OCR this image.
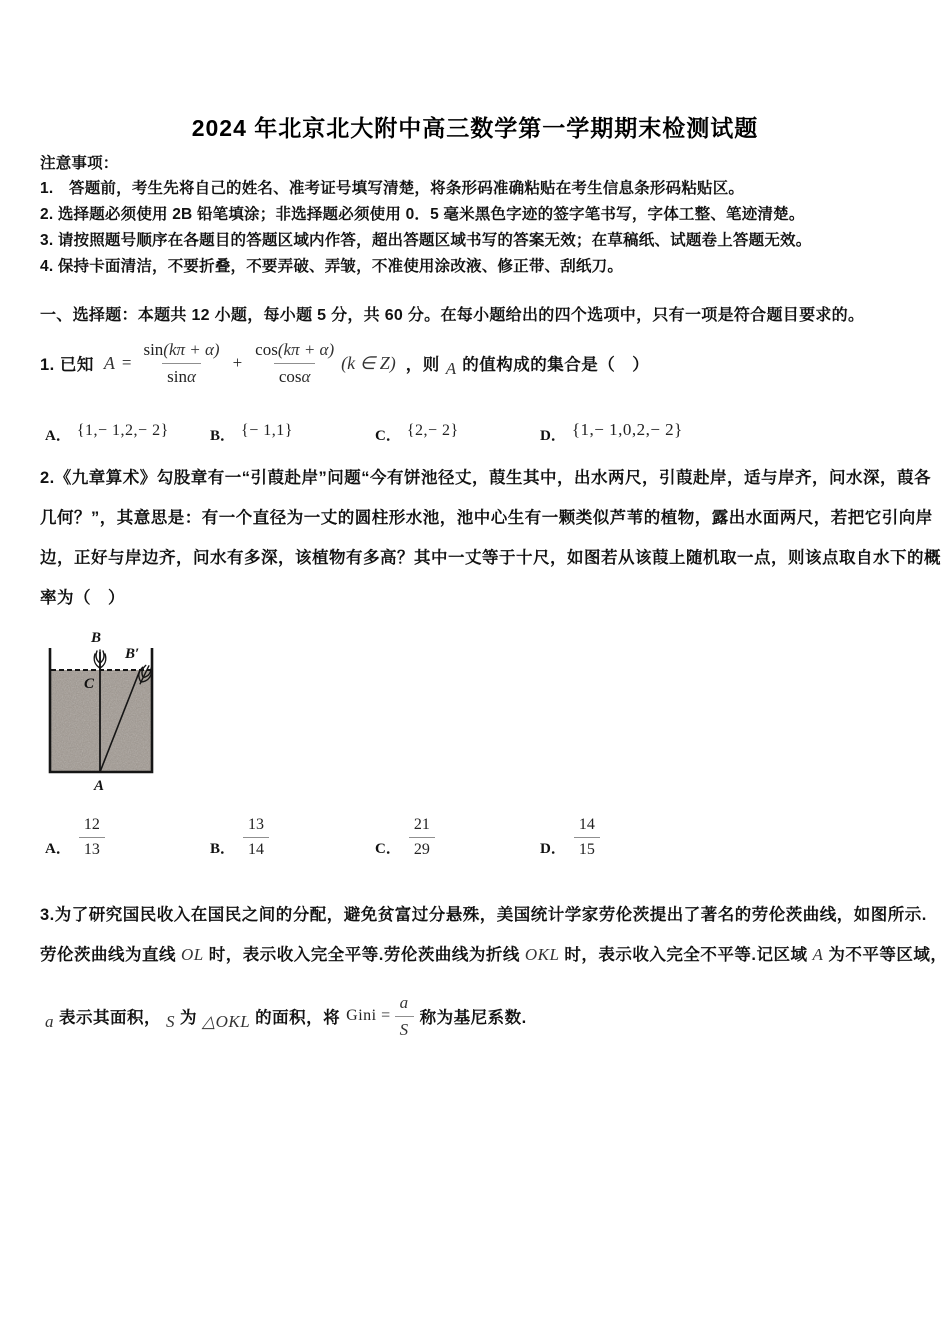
2024 年北京北大附中高三数学第一学期期末检测试题
注意事项：
1.　答题前，考生先将自己的姓名、准考证号填写清楚，将条形码准确粘贴在考生信息条形码粘贴区。
2. 选择题必须使用 2B 铅笔填涂；非选择题必须使用 0．5 毫米黑色字迹的签字笔书写，字体工整、笔迹清楚。
3. 请按照题号顺序在各题目的答题区域内作答，超出答题区域书写的答案无效；在草稿纸、试题卷上答题无效。
4. 保持卡面清洁，不要折叠，不要弄破、弄皱，不准使用涂改液、修正带、刮纸刀。
一、选择题：本题共 12 小题，每小题 5 分，共 60 分。在每小题给出的四个选项中，只有一项是符合题目要求的。
1. 已知 $A = \frac{\sin(k\pi + \alpha)}{\sin\alpha} + \frac{\cos(k\pi + \alpha)}{\cos\alpha} (k$ ∈ Z) ，则 A 的值构成的集合是（　）
A． {1,− 1,2,− 2}	B． {− 1,1}	C． {2,− 2}	D． {1,− 1,0,2,− 2}
2.《九章算术》勾股章有一“引葭赴岸”问题“今有饼池径丈，葭生其中，出水两尺，引葭赴岸，适与岸齐，问水深，葭各
几何？”，其意思是：有一个直径为一丈的圆柱形水池，池中心生有一颗类似芦苇的植物，露出水面两尺，若把它引向岸
边，正好与岸边齐，问水有多深，该植物有多高？其中一丈等于十尺，如图若从该葭上随机取一点，则该点取自水下的概
率为（　）
B
B′
C
A
A． $\frac{12}{13}$	B． $\frac{13}{14}$	C． $\frac{21}{29}$	D． $\frac{14}{15}$
3.为了研究国民收入在国民之间的分配，避免贫富过分悬殊，美国统计学家劳伦茨提出了著名的劳伦茨曲线，如图所示.
劳伦茨曲线为直线 OL 时，表示收入完全平等.劳伦茨曲线为折线 OKL 时，表示收入完全不平等.记区域 A 为不平等区域，
a 表示其面积， S 为 △OKL 的面积，将 Gini = $\frac{a}{S}$ 称为基尼系数.
